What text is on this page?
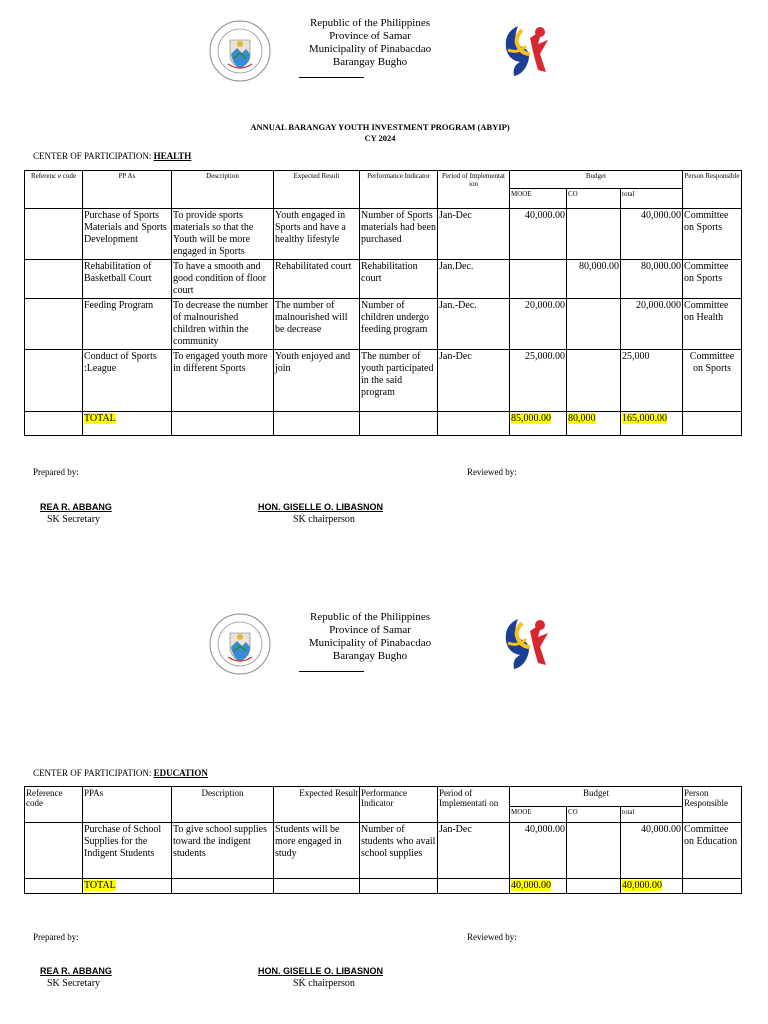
Republic of the Philippines
Province of Samar
Municipality of Pinabacdao
Barangay Bugho
ANNUAL BARANGAY YOUTH INVESTMENT PROGRAM (ABYIP)
CY 2024
CENTER OF PARTICIPATION: HEALTH
Referenc e code	PP As	Description	Expected Result	Performance Indicator	Period of Implementat ion	Budget			Person Responsible
						MOOE	CO	total	
	Purchase of Sports Materials and Sports Development	To provide sports materials so that the Youth will be more engaged in Sports	Youth engaged in Sports and have a healthy lifestyle	Number of Sports materials had been purchased	Jan-Dec	40,000.00		40,000.00	Committee on Sports
	Rehabilitation of Basketball Court	To have a smooth and good condition of floor court	Rehabilitated court	Rehabilitation court	Jan.Dec.		80,000.00	80,000.00	Committee on Sports
	Feeding Program	To decrease the number of malnourished children within the community	The number of malnourished will be decrease	Number of children undergo feeding program	Jan.-Dec.	20,000.00		20,000.000	Committee on Health
	Conduct of Sports :League	To engaged youth more in different Sports	Youth enjoyed and join	The number of youth participated in the said program	Jan-Dec	25,000.00		25,000	Committee on Sports
	TOTAL					85,000.00	80,000	165,000.00	
Prepared by:	Reviewed by:
REA R. ABBANG
SK Secretary
HON. GISELLE O. LIBASNON
SK chairperson
Republic of the Philippines
Province of Samar
Municipality of Pinabacdao
Barangay Bugho
CENTER OF PARTICIPATION: EDUCATION
Reference code	PPAs	Description	Expected Result	Performance Indicator	Period of Implementati on	Budget			Person Responsible
						MOOE	CO	total	
	Purchase of School Supplies for the Indigent Students	To give school supplies toward the indigent students	Students will be more engaged in study	Number of students who avail school supplies	Jan-Dec	40,000.00		40,000.00	Committee on Education
	TOTAL					40,000.00		40,000.00	
Prepared by:	Reviewed by:
REA R. ABBANG
SK Secretary
HON. GISELLE O. LIBASNON
SK chairperson
